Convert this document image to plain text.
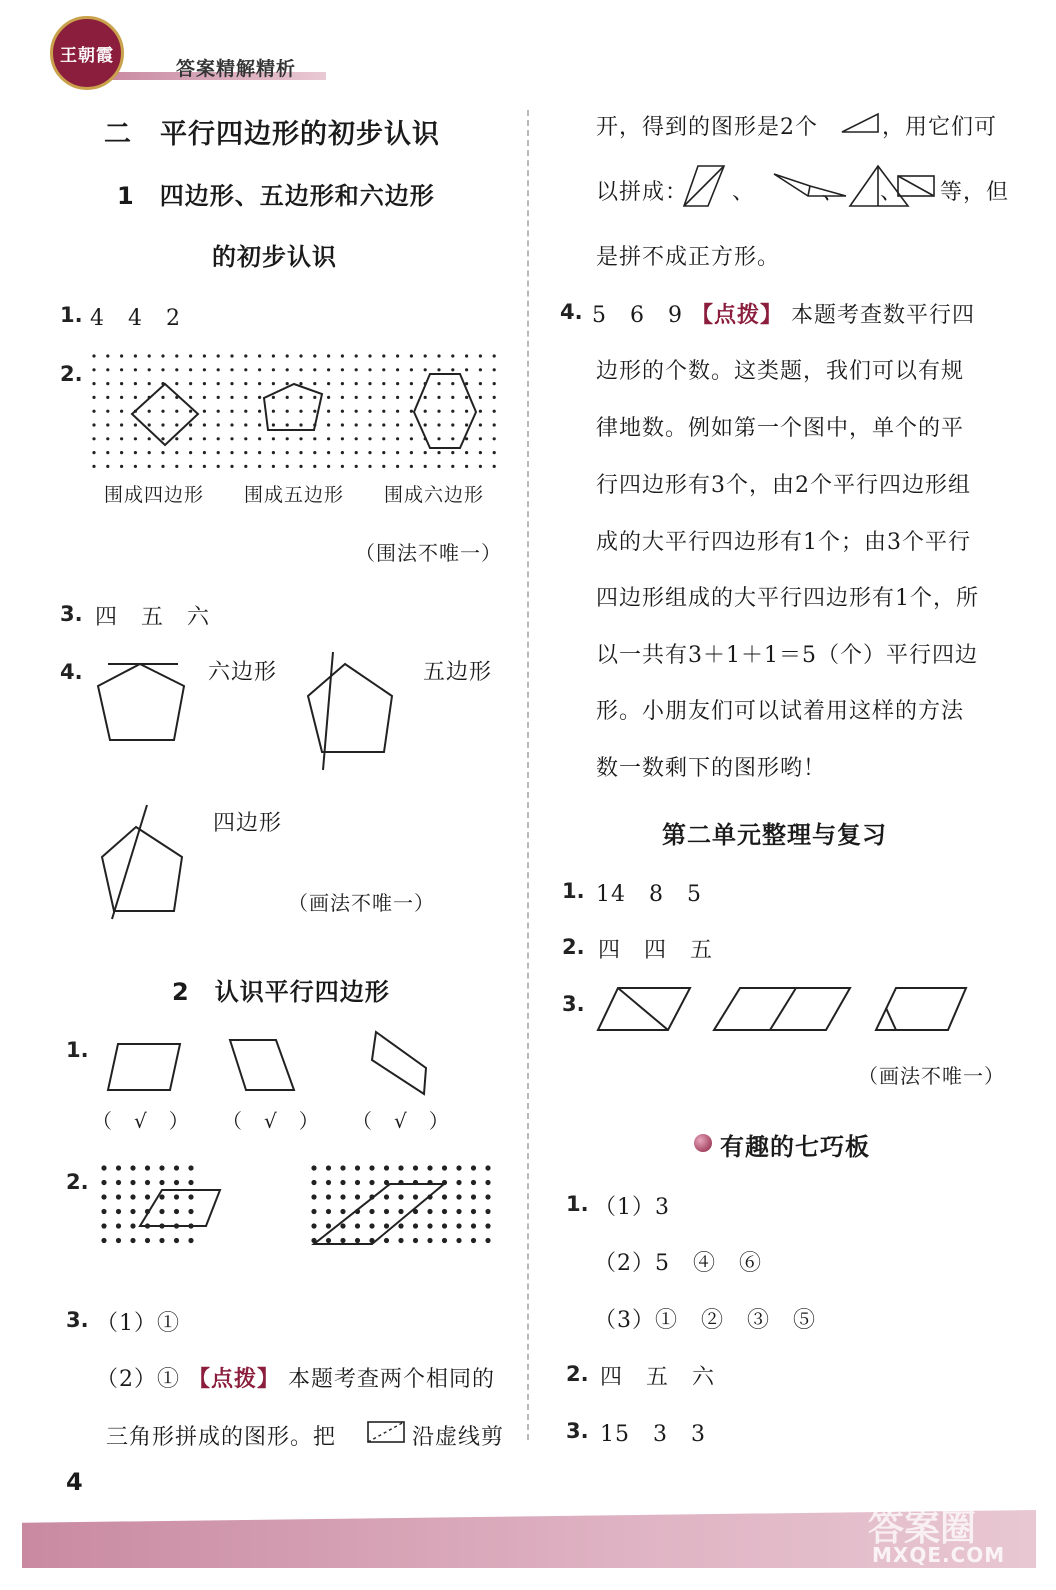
王朝霞
答案精解精析
二　平行四边形的初步认识
1　四边形、五边形和六边形
的初步认识
1. 4　4　2
2.
围成四边形 围成五边形 围成六边形
（围法不唯一）
3. 四　五　六
4.	六边形	五边形
四边形
（画法不唯一）
2　认识平行四边形
1.
（　√　） （　√　） （　√　）
2.
3. （1）①
（2）① 【点拨】 本题考查两个相同的
三角形拼成的图形。把	沿虚线剪
开，得到的图形是2个	，用它们可
以拼成： 、	、 、 等，但
是拼不成正方形。
4. 5　6　9 【点拨】 本题考查数平行四
边形的个数。这类题，我们可以有规
律地数。例如第一个图中，单个的平
行四边形有3个，由2个平行四边形组
成的大平行四边形有1个；由3个平行
四边形组成的大平行四边形有1个，所
以一共有3＋1＋1＝5（个）平行四边
形。小朋友们可以试着用这样的方法
数一数剩下的图形哟！
第二单元整理与复习
1. 14　8　5
2. 四　四　五
3.
（画法不唯一）
有趣的七巧板
1. （1）3
（2）5　④　⑥
（3）①　②　③　⑤
2. 四　五　六
3. 15　3　3
4
答案圈
MXQE.COM
